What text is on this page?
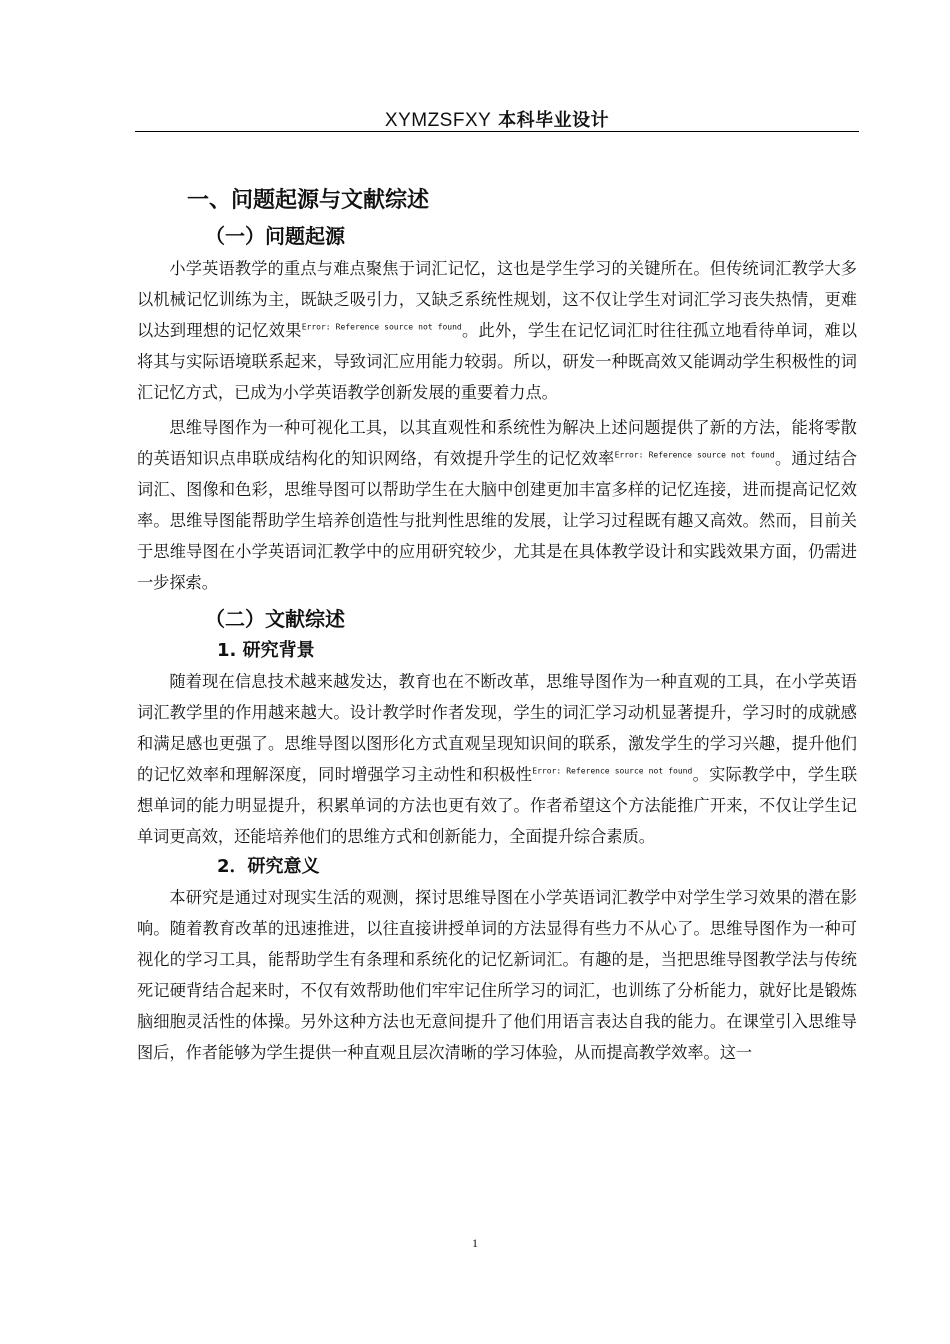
XYMZSFXY 本科毕业设计
一、问题起源与文献综述
（一）问题起源

小学英语教学的重点与难点聚焦于词汇记忆，这也是学生学习的关键所在。但传统词汇教学大多以机械记忆训练为主，既缺乏吸引力，又缺乏系统性规划，这不仅让学生对词汇学习丧失热情，更难以达到理想的记忆效果$^{Error: Reference source not found}$。此外，学生在记忆词汇时往往孤立地看待单词，难以将其与实际语境联系起来，导致词汇应用能力较弱。所以，研发一种既高效又能调动学生积极性的词汇记忆方式，已成为小学英语教学创新发展的重要着力点。

思维导图作为一种可视化工具，以其直观性和系统性为解决上述问题提供了新的方法，能将零散的英语知识点串联成结构化的知识网络，有效提升学生的记忆效率$^{Error: Reference source not found}$。通过结合词汇、图像和色彩，思维导图可以帮助学生在大脑中创建更加丰富多样的记忆连接，进而提高记忆效率。思维导图能帮助学生培养创造性与批判性思维的发展，让学习过程既有趣又高效。然而，目前关于思维导图在小学英语词汇教学中的应用研究较少，尤其是在具体教学设计和实践效果方面，仍需进一步探索。

（二）文献综述
1. 研究背景

随着现在信息技术越来越发达，教育也在不断改革，思维导图作为一种直观的工具，在小学英语词汇教学里的作用越来越大。设计教学时作者发现，学生的词汇学习动机显著提升，学习时的成就感和满足感也更强了。思维导图以图形化方式直观呈现知识间的联系，激发学生的学习兴趣，提升他们的记忆效率和理解深度，同时增强学习主动性和积极性$^{Error: Reference source not found}$。实际教学中，学生联想单词的能力明显提升，积累单词的方法也更有效了。作者希望这个方法能推广开来，不仅让学生记单词更高效，还能培养他们的思维方式和创新能力，全面提升综合素质。

2．研究意义

本研究是通过对现实生活的观测，探讨思维导图在小学英语词汇教学中对学生学习效果的潜在影响。随着教育改革的迅速推进，以往直接讲授单词的方法显得有些力不从心了。思维导图作为一种可视化的学习工具，能帮助学生有条理和系统化的记忆新词汇。有趣的是，当把思维导图教学法与传统死记硬背结合起来时，不仅有效帮助他们牢牢记住所学习的词汇，也训练了分析能力，就好比是锻炼脑细胞灵活性的体操。另外这种方法也无意间提升了他们用语言表达自我的能力。在课堂引入思维导图后，作者能够为学生提供一种直观且层次清晰的学习体验，从而提高教学效率。这一

1
